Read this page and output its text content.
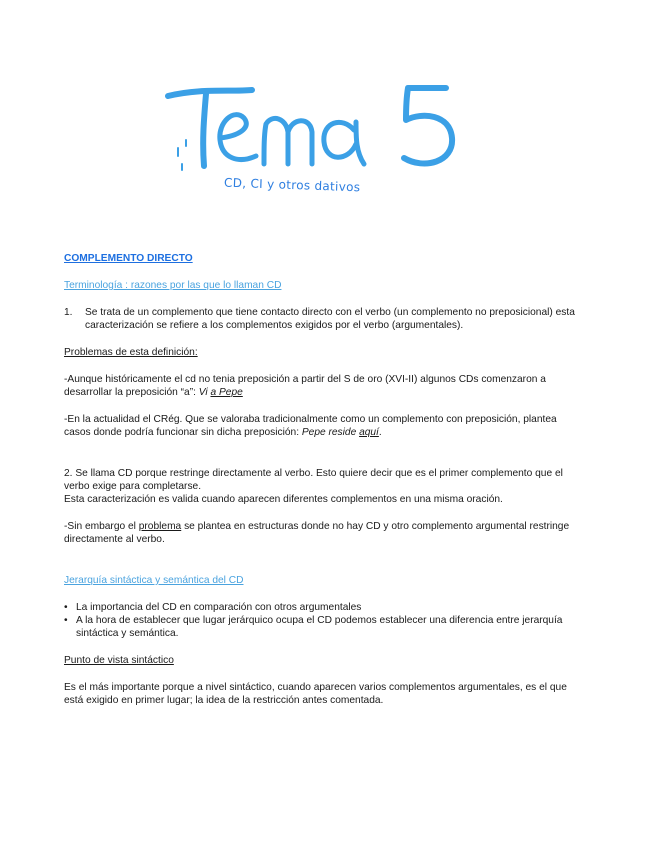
CD, CI y otros dativos

COMPLEMENTO DIRECTO

Terminología : razones por las que lo llaman CD

1.	Se trata de un complemento que tiene contacto directo con el verbo (un complemento no preposicional) esta caracterización se refiere a los complementos exigidos por el verbo (argumentales).

Problemas de esta definición:

-Aunque históricamente el cd no tenia preposición a partir del S de oro (XVI-II) algunos CDs comenzaron a desarrollar la preposición “a”: Vi a Pepe

-En la actualidad el CRég. Que se valoraba tradicionalmente como un complemento con preposición, plantea casos donde podría funcionar sin dicha preposición: Pepe reside aquí.

2. Se llama CD porque restringe directamente al verbo. Esto quiere decir que es el primer complemento que el verbo exige para completarse.

Esta caracterización es valida cuando aparecen diferentes complementos en una misma oración.

-Sin embargo el problema se plantea en estructuras donde no hay CD y otro complemento argumental restringe directamente al verbo.

Jerarquía sintáctica y semántica del CD

• La importancia del CD en comparación con otros argumentales
• A la hora de establecer que lugar jerárquico ocupa el CD podemos establecer una diferencia entre jerarquía sintáctica y semántica.

Punto de vista sintáctico

Es el más importante porque a nivel sintáctico, cuando aparecen varios complementos argumentales, es el que está exigido en primer lugar; la idea de la restricción antes comentada.
